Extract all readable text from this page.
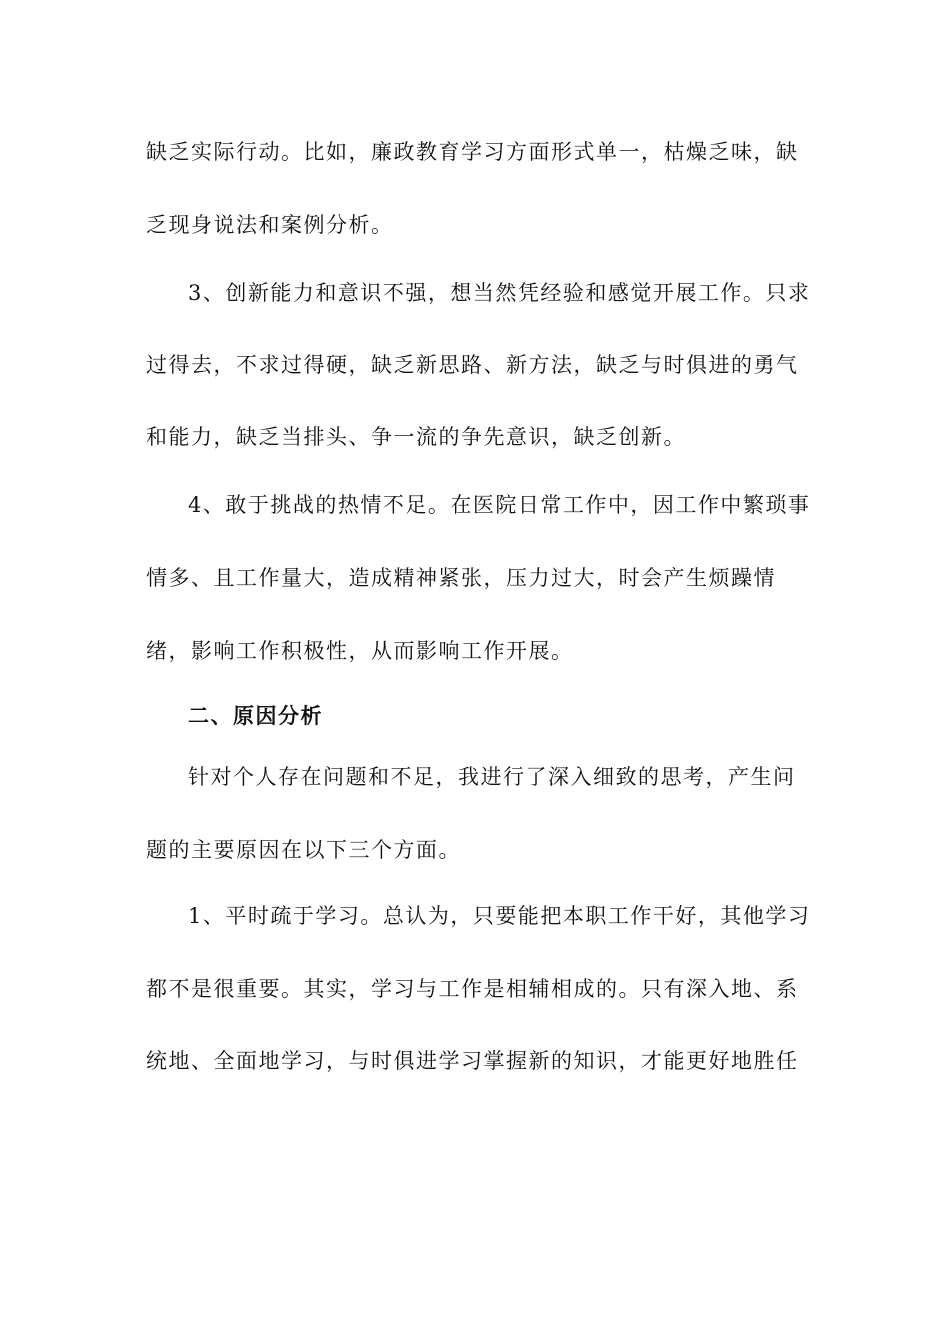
缺乏实际行动。比如，廉政教育学习方面形式单一，枯燥乏味，缺
乏现身说法和案例分析。
3、创新能力和意识不强，想当然凭经验和感觉开展工作。只求
过得去，不求过得硬，缺乏新思路、新方法，缺乏与时俱进的勇气
和能力，缺乏当排头、争一流的争先意识，缺乏创新。
4、敢于挑战的热情不足。在医院日常工作中，因工作中繁琐事
情多、且工作量大，造成精神紧张，压力过大，时会产生烦躁情
绪，影响工作积极性，从而影响工作开展。
二、原因分析
针对个人存在问题和不足，我进行了深入细致的思考，产生问
题的主要原因在以下三个方面。
1、平时疏于学习。总认为，只要能把本职工作干好，其他学习
都不是很重要。其实，学习与工作是相辅相成的。只有深入地、系
统地、全面地学习，与时俱进学习掌握新的知识，才能更好地胜任
